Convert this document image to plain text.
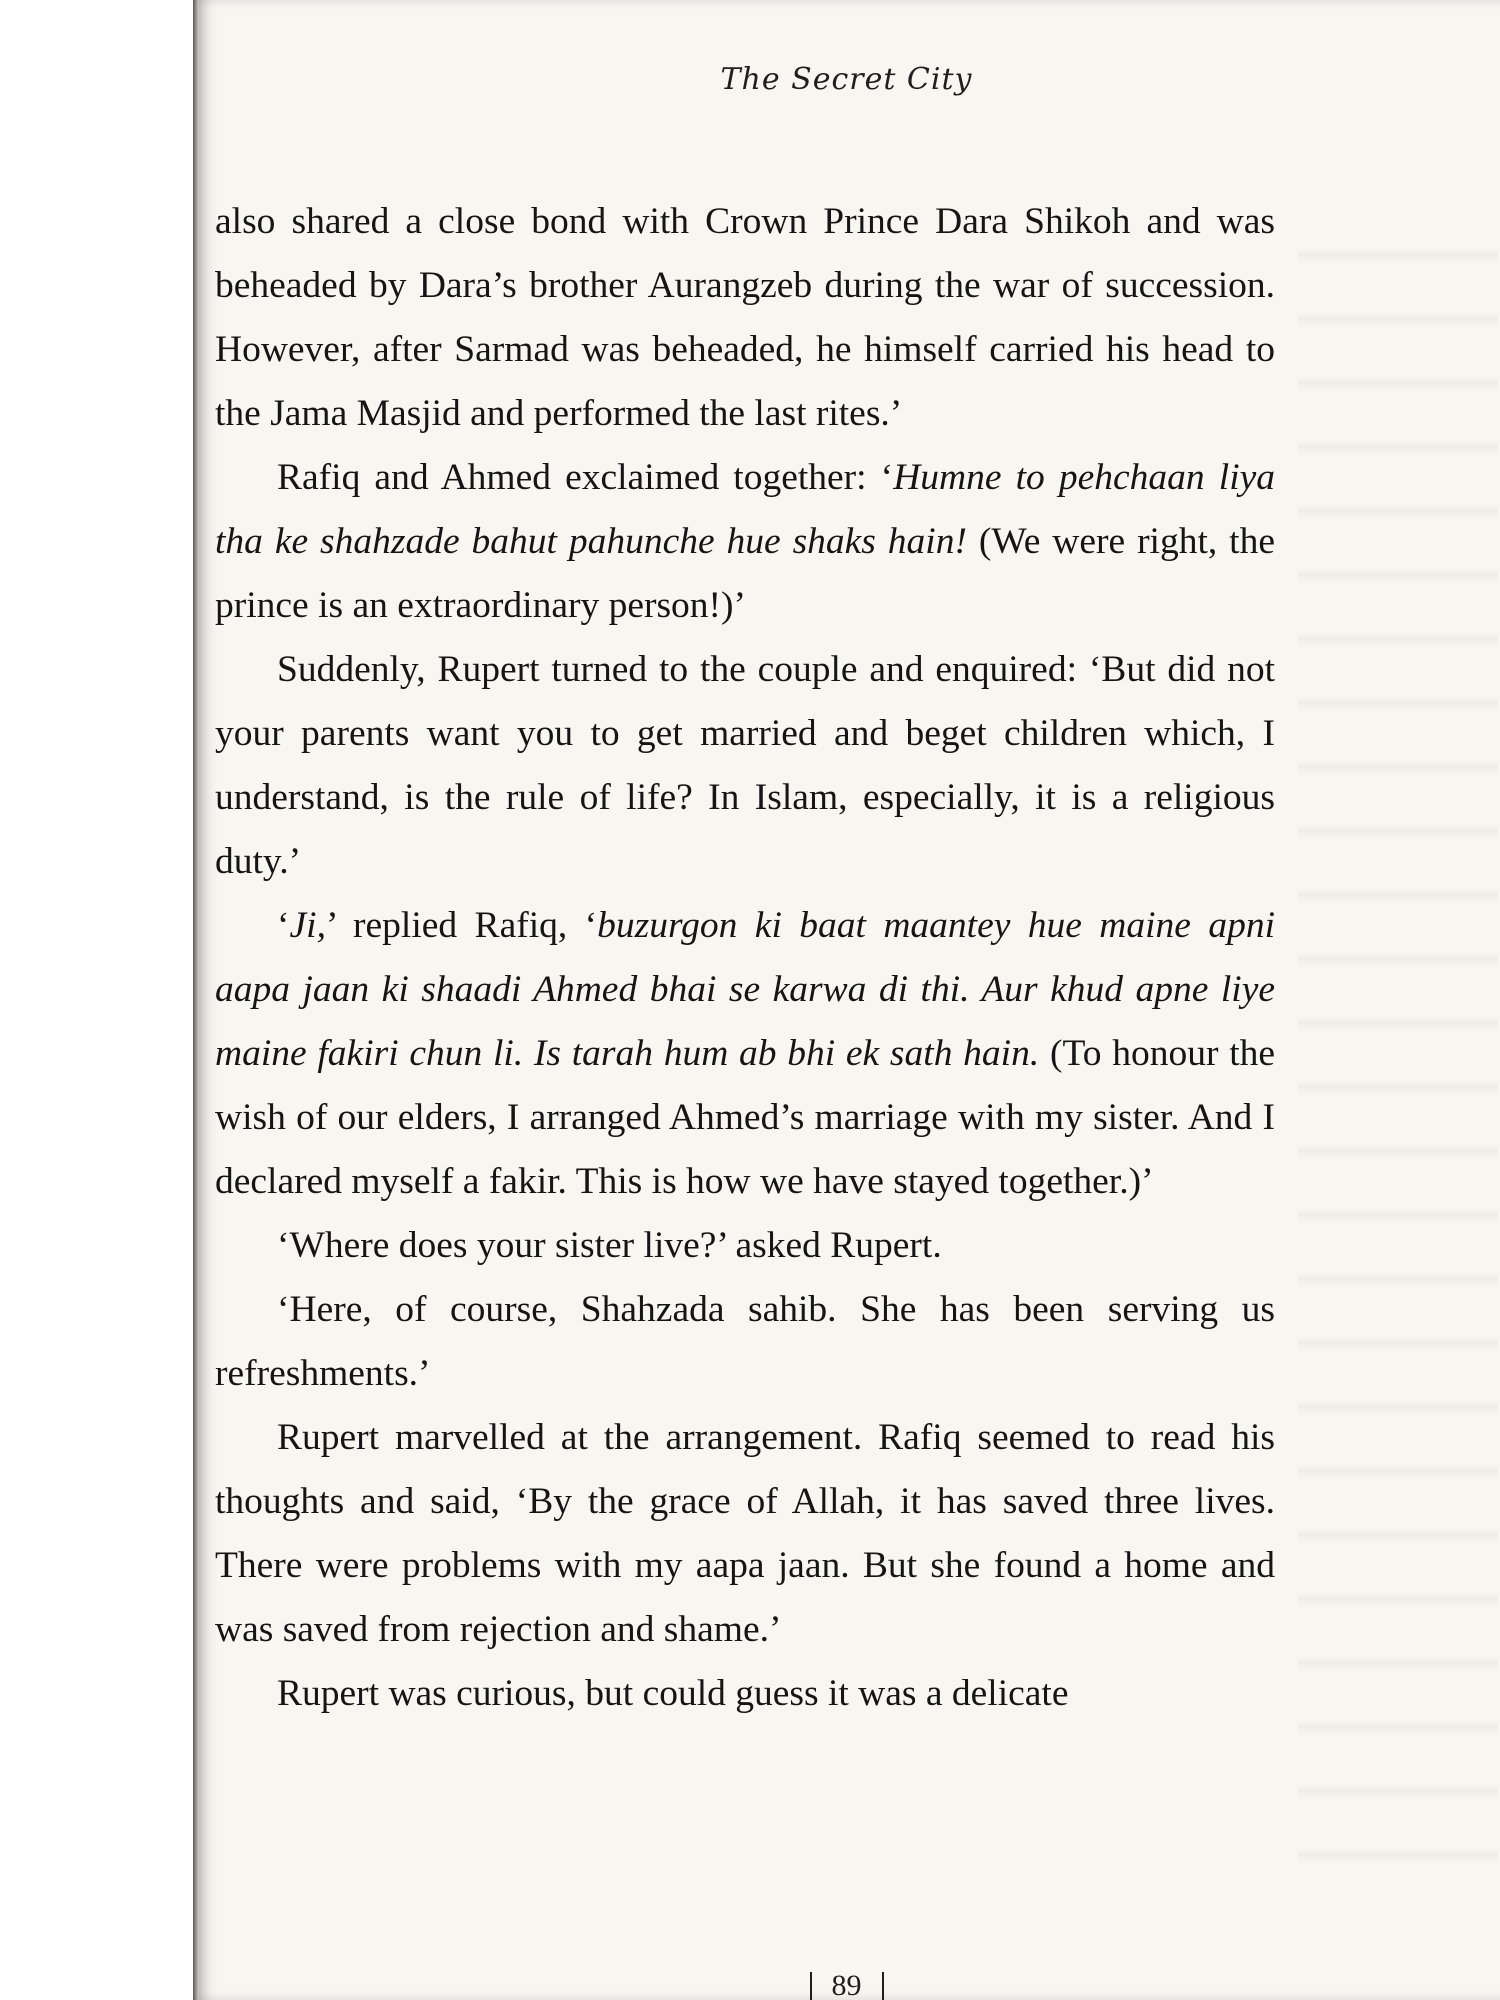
The Secret City

also shared a close bond with Crown Prince Dara Shikoh and was beheaded by Dara’s brother Aurangzeb during the war of succession. However, after Sarmad was beheaded, he himself carried his head to the Jama Masjid and performed the last rites.’

Rafiq and Ahmed exclaimed together: ‘Humne to pehchaan liya tha ke shahzade bahut pahunche hue shaks hain! (We were right, the prince is an extraordinary person!)’

Suddenly, Rupert turned to the couple and enquired: ‘But did not your parents want you to get married and beget children which, I understand, is the rule of life? In Islam, especially, it is a religious duty.’

‘Ji,’ replied Rafiq, ‘buzurgon ki baat maantey hue maine apni aapa jaan ki shaadi Ahmed bhai se karwa di thi. Aur khud apne liye maine fakiri chun li. Is tarah hum ab bhi ek sath hain. (To honour the wish of our elders, I arranged Ahmed’s marriage with my sister. And I declared myself a fakir. This is how we have stayed together.)’

‘Where does your sister live?’ asked Rupert.

‘Here, of course, Shahzada sahib. She has been serving us refreshments.’

Rupert marvelled at the arrangement. Rafiq seemed to read his thoughts and said, ‘By the grace of Allah, it has saved three lives. There were problems with my aapa jaan. But she found a home and was saved from rejection and shame.’

Rupert was curious, but could guess it was a delicate

89
